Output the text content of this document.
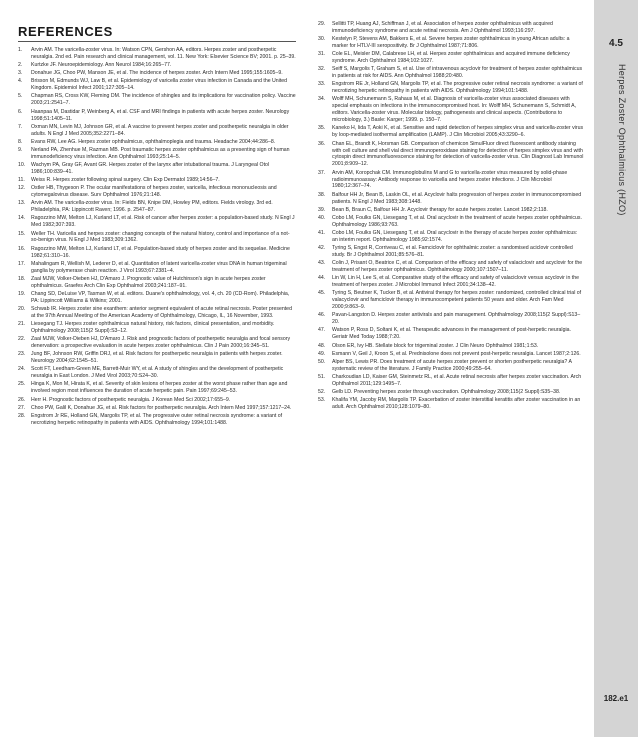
REFERENCES
1.	Arvin AM. The varicella-zoster virus. In: Watson CPN, Gershon AA, editors. Herpes zoster and postherpetic neuralgia. 2nd ed. Pain research and clinical management, vol. 11. New York: Elsevier Science BV; 2001. p. 25–39.
2.	Kurtzke JF. Neuroepidemiology. Ann Neurol 1984;16:265–77.
3.	Donahue JG, Choo PW, Manson JE, et al. The incidence of herpes zoster. Arch Intern Med 1995;155:1605–9.
4.	Brisson M, Edmunds WJ, Law B, et al. Epidemiology of varicella zoster virus infection in Canada and the United Kingdom. Epidemiol Infect 2001;127:305–14.
5.	Chapman RS, Cross KW, Fleming DM. The incidence of shingles and its implications for vaccination policy. Vaccine 2003;21:2541–7.
6.	Haanpaa M, Dastidar P, Weinberg A, et al. CSF and MRI findings in patients with acute herpes zoster. Neurology 1998;51:1405–11.
7.	Oxman MN, Levin MJ, Johnson GR, et al. A vaccine to prevent herpes zoster and postherpetic neuralgia in older adults. N Engl J Med 2005;352:2271–84.
8.	Evans RW, Lee AG. Herpes zoster ophthalmicus, ophthalmoplegia and trauma. Headache 2004;44:286–8.
9.	Nerland PA, Zhenhue M, Razman MB. Post traumatic herpes zoster ophthalmicus as a presenting sign of human immunodeficiency virus infection. Ann Ophthalmol 1993;25:14–5.
10.	Wachym PA, Gray GF, Avant GR. Herpes zoster of the larynx after intubational trauma. J Laryngeal Otol 1986;100:839–41.
11.	Weiss R. Herpes zoster following spinal surgery. Clin Exp Dermatol 1989;14:56–7.
12.	Ostler HB, Thygeson P. The ocular manifestations of herpes zoster, varicella, infectious mononucleosis and cytomegalovirus disease. Surv Ophthalmol 1976;21:148.
13.	Arvin AM. The varicella-zoster virus. In: Fields BN, Knipe DM, Howley PM, editors. Fields virology. 3rd ed. Philadelphia, PA: Lippincott Raven; 1996. p. 2547–87.
14.	Ragozzino MW, Melton LJ, Kurland LT, et al. Risk of cancer after herpes zoster: a population-based study. N Engl J Med 1982;307:393.
15.	Weller TH. Varicella and herpes zoster: changing concepts of the natural history, control and importance of a not-so-benign virus. N Engl J Med 1983;309:1362.
16.	Ragozzino MW, Melton LJ, Kurland LT, et al. Population-based study of herpes zoster and its sequelae. Medicine 1982;61:310–16.
17.	Mahalingam R, Wellish M, Lederer D, et al. Quantitation of latent varicella-zoster virus DNA in human trigeminal ganglia by polymerase chain reaction. J Virol 1993;67:2381–4.
18.	Zaal MJW, Volker-Dieben HJ, D'Amaro J. Prognostic value of Hutchinson's sign in acute herpes zoster ophthalmicus. Graefes Arch Clin Exp Ophthalmol 2003;241:187–91.
19.	Chang SD, DeLuise VP, Tasman W, et al. editors. Duane's ophthalmology, vol. 4, ch. 20 (CD-Rom). Philadelphia, PA: Lippincott Williams & Wilkins; 2001.
20.	Schwab IR. Herpes zoster sine exanthem: anterior segment equivalent of acute retinal necrosis. Poster presented at the 97th Annual Meeting of the American Academy of Ophthalmology, Chicago, IL, 16 November, 1993.
21.	Liesegang TJ. Herpes zoster ophthalmicus natural history, risk factors, clinical presentation, and morbidity. Ophthalmology 2008;115(2 Suppl):S3–12.
22.	Zaal MJW, Volker-Dieben HJ, D'Amaro J. Risk and prognostic factors of postherpetic neuralgia and focal sensory denervation: a prospective evaluation in acute herpes zoster ophthalmicus. Clin J Pain 2000;16:345–51.
23.	Jung BF, Johnson RW, Griffin DRJ, et al. Risk factors for postherpetic neuralgia in patients with herpes zoster. Neurology 2004;62:1545–51.
24.	Scott FT, Leedham-Green ME, Barrett-Muir WY, et al. A study of shingles and the development of postherpetic neuralgia in East London. J Med Virol 2003;70:S24–30.
25.	Hinga K, Mon M, Hirata K, et al. Severity of skin lesions of herpes zoster at the worst phase rather than age and involved region most influences the duration of acute herpetic pain. Pain 1997;69:245–53.
26.	Herr H. Prognostic factors of postherpetic neuralgia. J Korean Med Sci 2002;17:655–9.
27.	Choo PW, Galil K, Donahue JG, et al. Risk factors for postherpetic neuralgia. Arch Intern Med 1997;157:1217–24.
28.	Engstrom Jr RE, Holland GN, Margolis TP, et al. The progressive outer retinal necrosis syndrome: a variant of necrotizing herpetic retinopathy in patients with AIDS. Ophthalmology 1994;101:1488.
29.	Sellitti TP, Huang AJ, Schiffman J, et al. Association of herpes zoster ophthalmicus with acquired immunodeficiency syndrome and acute retinal necrosis. Am J Ophthalmol 1993;116:297.
30.	Kestelyn P, Stevens AM, Bakkers E, et al. Severe herpes zoster ophthalmicus in young African adults: a marker for HTLV-III seropositivity. Br J Ophthalmol 1987;71:806.
31.	Cole EL, Meisler DM, Calabrese LH, et al. Herpes zoster ophthalmicus and acquired immune deficiency syndrome. Arch Ophthalmol 1984;102:1027.
32.	Seiff S, Margolis T, Graham S, et al. Use of intravenous acyclovir for treatment of herpes zoster ophthalmicus in patients at risk for AIDS. Ann Ophthalmol 1988;20:480.
33.	Engstrom RE Jr, Holland GN, Margolis TP, et al. The progressive outer retinal necrosis syndrome: a variant of necrotizing herpetic retinopathy in patients with AIDS. Ophthalmology 1994;101:1488.
34.	Wolff MH, Schunemann S, Rahaus M, et al. Diagnosis of varicella-zoster virus associated diseases with special emphasis on infections in the immunocompromised host. In: Wolff MH, Schunemann S, Schmidt A, editors. Varicella-zoster virus. Molecular biology, pathogenesis and clinical aspects. (Contributions to microbiology, 3.) Basle: Karger; 1999. p. 150–7.
35.	Kaneko H, Iida T, Aoki K, et al. Sensitive and rapid detection of herpes simplex virus and varicella-zoster virus by loop-mediated isothermal amplification (LAMP). J Clin Microbiol 2005;43:3290–6.
36.	Chan EL, Brandt K, Horsman GB. Comparison of chemicon SimulFluor direct fluorescent antibody staining with cell culture and shell vial direct immunoperoxidase staining for detection of herpes simplex virus and with cytospin direct immunofluorescence staining for detection of varicella-zoster virus. Clin Diagnost Lab Immunol 2001;8:909–12.
37.	Arvin AM, Koropchak CM. Immunoglobulins M and G to varicella-zoster virus measured by solid-phase radioimmunoassay: Antibody response to varicella and herpes zoster infections. J Clin Microbiol 1980;12:367–74.
38.	Balfour HH Jr, Bean B, Laskin OL, et al. Acyclovir halts progression of herpes zoster in immunocompromised patients. N Engl J Med 1983;308:1448.
39.	Bean B, Braun C, Balfour HH Jr. Acyclovir therapy for acute herpes zoster. Lancet 1982;2:118.
40.	Cobo LM, Foulks GN, Liesegang T, et al. Oral acyclovir in the treatment of acute herpes zoster ophthalmicus. Ophthalmology 1986;93:763.
41.	Cobo LM, Foulks GN, Liesegang T, et al. Oral acyclovir in the therapy of acute herpes zoster ophthalmicus: an interim report. Ophthalmology 1985;92:1574.
42.	Tyring S, Engst R, Corriveau C, et al. Famciclovir for ophthalmic zoster: a randomised aciclovir controlled study. Br J Ophthalmol 2001;85:576–81.
43.	Colin J, Prisant O, Beatrice C, et al. Comparison of the efficacy and safety of valaciclovir and acyclovir for the treatment of herpes zoster ophthalmicus. Ophthalmology 2000;107:1507–11.
44.	Lin W, Lin H, Lee S, et al. Comparative study of the efficacy and safety of valaciclovir versus acyclovir in the treatment of herpes zoster. J Microbiol Immunol Infect 2001;34:138–42.
45.	Tyring S, Beutner K, Tucker B, et al. Antiviral therapy for herpes zoster: randomized, controlled clinical trial of valacyclovir and famciclovir therapy in immunocompetent patients 50 years and older. Arch Fam Med 2000;9:863–9.
46.	Pavan-Langston D. Herpes zoster antivirals and pain management. Ophthalmology 2008;115(2 Suppl):S13–20.
47.	Watson P, Ross D, Soltani K, et al. Therapeutic advances in the management of post-herpetic neuralgia. Geriatr Med Today 1988;7:20.
48.	Olson ER, Ivy HB. Stellate block for trigeminal zoster. J Clin Neuro Ophthalmol 1981;1:53.
49.	Esmann V, Geil J, Kroon S, et al. Prednisolone does not prevent post-herpetic neuralgia. Lancet 1987;2:126.
50.	Alper BS, Lewis PR. Does treatment of acute herpes zoster prevent or shorten postherpetic neuralgia? A systematic review of the literature. J Family Practice 2000;49:255–64.
51.	Charkoudian LD, Kaiser GM, Steinmetz RL, et al. Acute retinal necrosis after herpes zoster vaccination. Arch Ophthalmol 2011;129:1495–7.
52.	Gelb LD. Preventing herpes zoster through vaccination. Ophthalmology 2008;115(2 Suppl):S35–38.
53.	Khalifa YM, Jacoby RM, Margolis TP. Exacerbation of zoster interstitial keratitis after zoster vaccination in an adult. Arch Ophthalmol 2010;128:1079–80.
4.5
Herpes Zoster Ophthalmicus (HZO)
182.e1
